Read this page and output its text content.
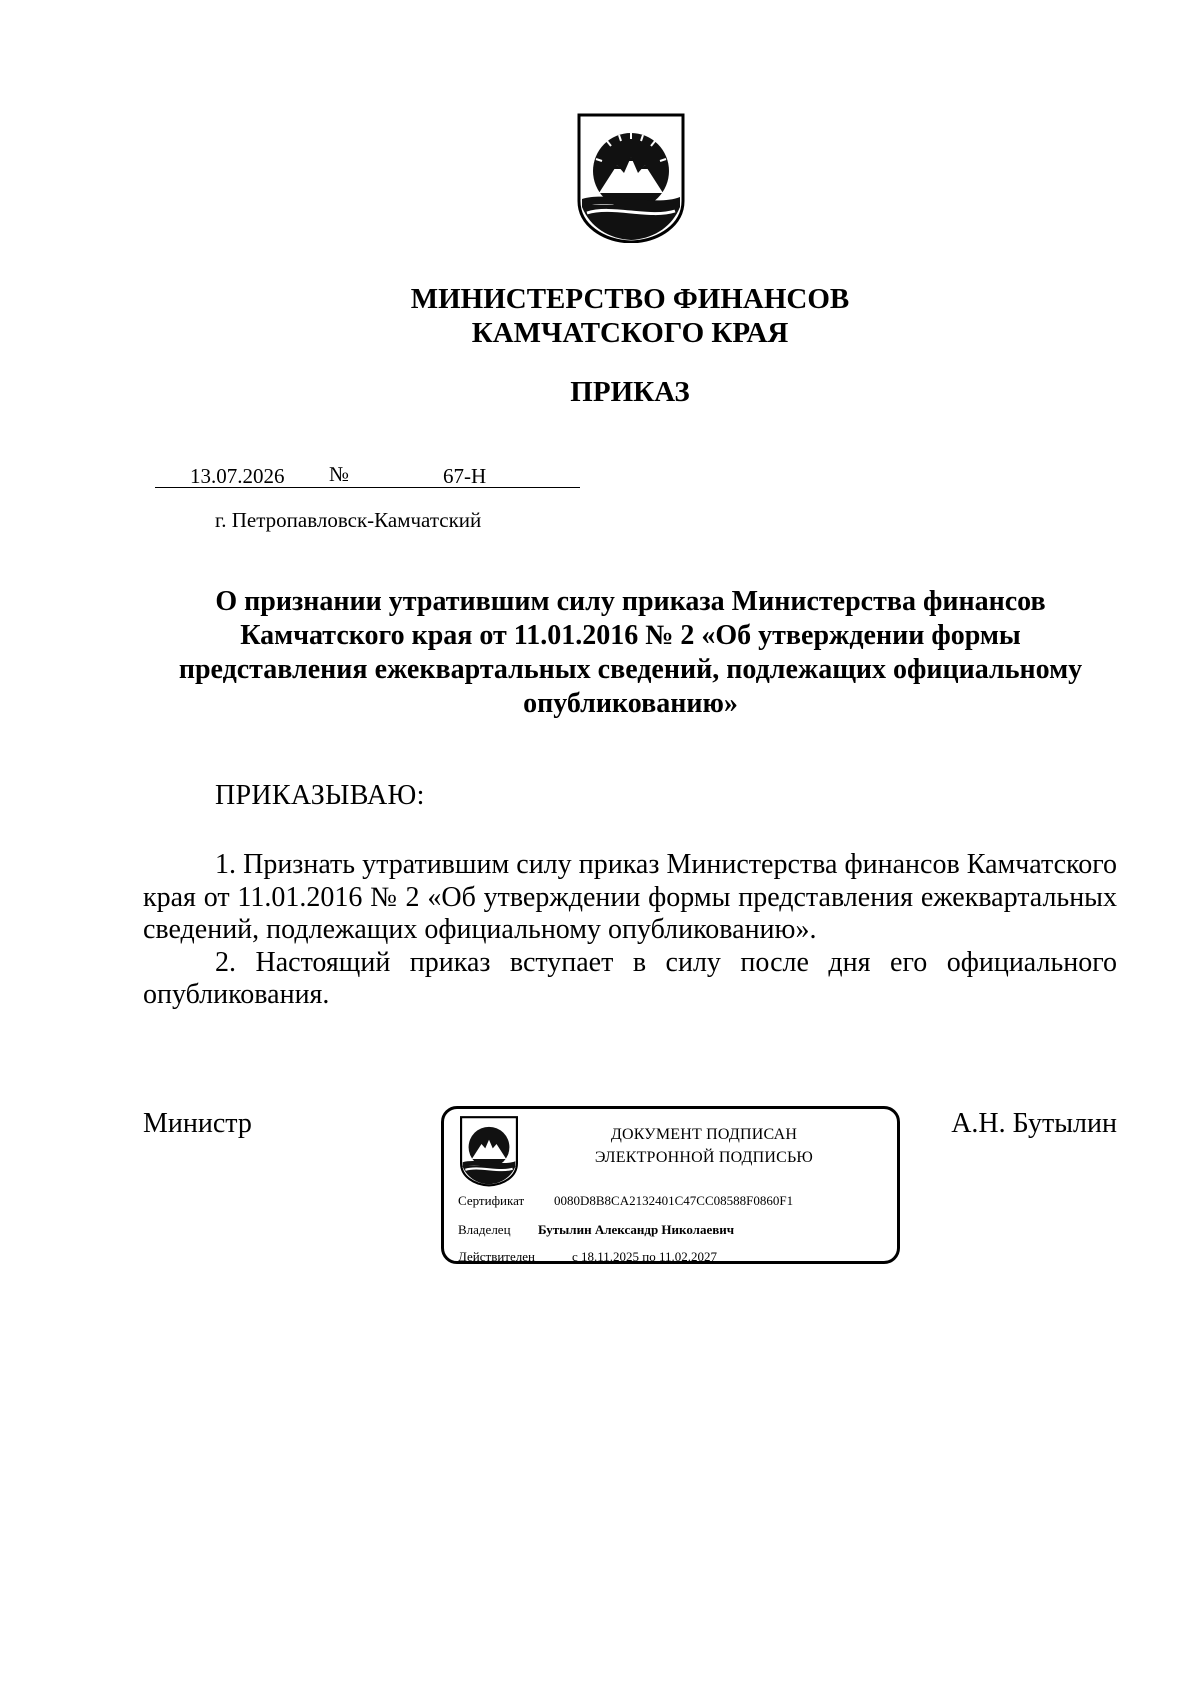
МИНИСТЕРСТВО ФИНАНСОВ
КАМЧАТСКОГО КРАЯ
ПРИКАЗ
13.07.2026 №	67-Н
г. Петропавловск-Камчатский
О признании утратившим силу приказа Министерства финансов
Камчатского края от 11.01.2016 № 2 «Об утверждении формы
представления ежеквартальных сведений, подлежащих официальному
опубликованию»
ПРИКАЗЫВАЮ:

1. Признать утратившим силу приказ Министерства финансов Камчатского края от 11.01.2016 № 2 «Об утверждении формы представления ежеквартальных сведений, подлежащих официальному опубликованию».

2. Настоящий приказ вступает в силу после дня его официального опубликования.

Министр	А.Н. Бутылин
ДОКУМЕНТ ПОДПИСАН
ЭЛЕКТРОННОЙ ПОДПИСЬЮ
Сертификат 0080D8B8CA2132401C47CC08588F0860F1
Владелец Бутылин Александр Николаевич
Действителен	с 18.11.2025 по 11.02.2027
